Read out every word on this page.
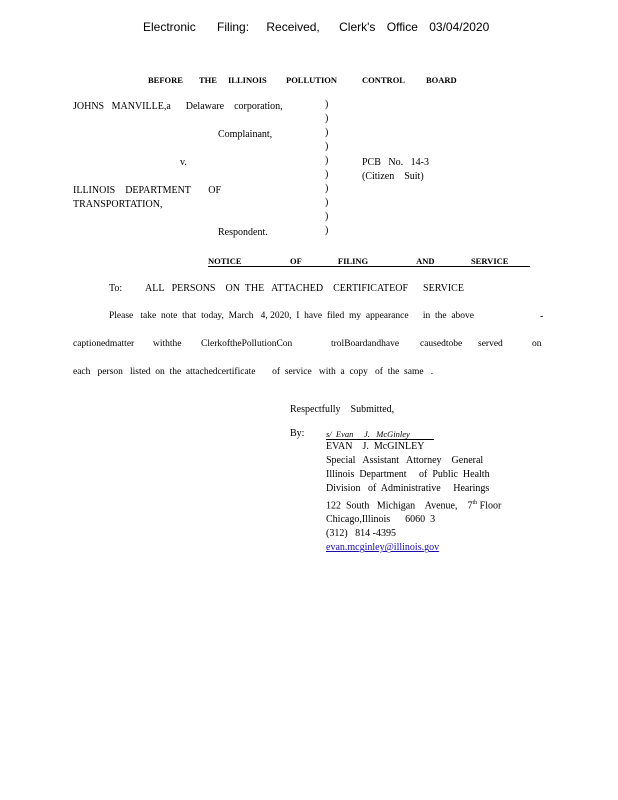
Electronic Filing: Received, Clerk's Office 03/04/2020
BEFORE THE ILLINOIS POLLUTION	CONTROL BOARD
JOHNS   MANVILLE,a      Delaware    corporation,
Complainant,
v.	PCB   No.   14-3
(Citizen    Suit)
ILLINOIS    DEPARTMENT       OF
TRANSPORTATION,
Respondent.
)
)
)
)
)
)
)
)
)
)
NOTICE    OF   FILING    AND   SERVICE
To: ALL   PERSONS    ON  THE   ATTACHED    CERTIFICATEOF      SERVICE
Please   take  note  that  today,  March   4, 2020,  I  have  filed  my  appearance      in  the  above	-
captionedmatter withthe ClerkofthePollutionCon	trolBoardandhave causedtobe served	on
each   person   listed  on  the  attachedcertificate       of  service   with  a  copy   of  the  same   .
Respectfully    Submitted,
By:	s/  Evan     J.   McGinley
EVAN    J.  McGINLEY
Special   Assistant   Attorney    General
Illinois  Department     of  Public  Health
Division   of  Administrative     Hearings
122  South   Michigan    Avenue,    7th Floor
Chicago,Illinois      6060  3
(312)   814 -4395
evan.mcginley@illinois.gov
